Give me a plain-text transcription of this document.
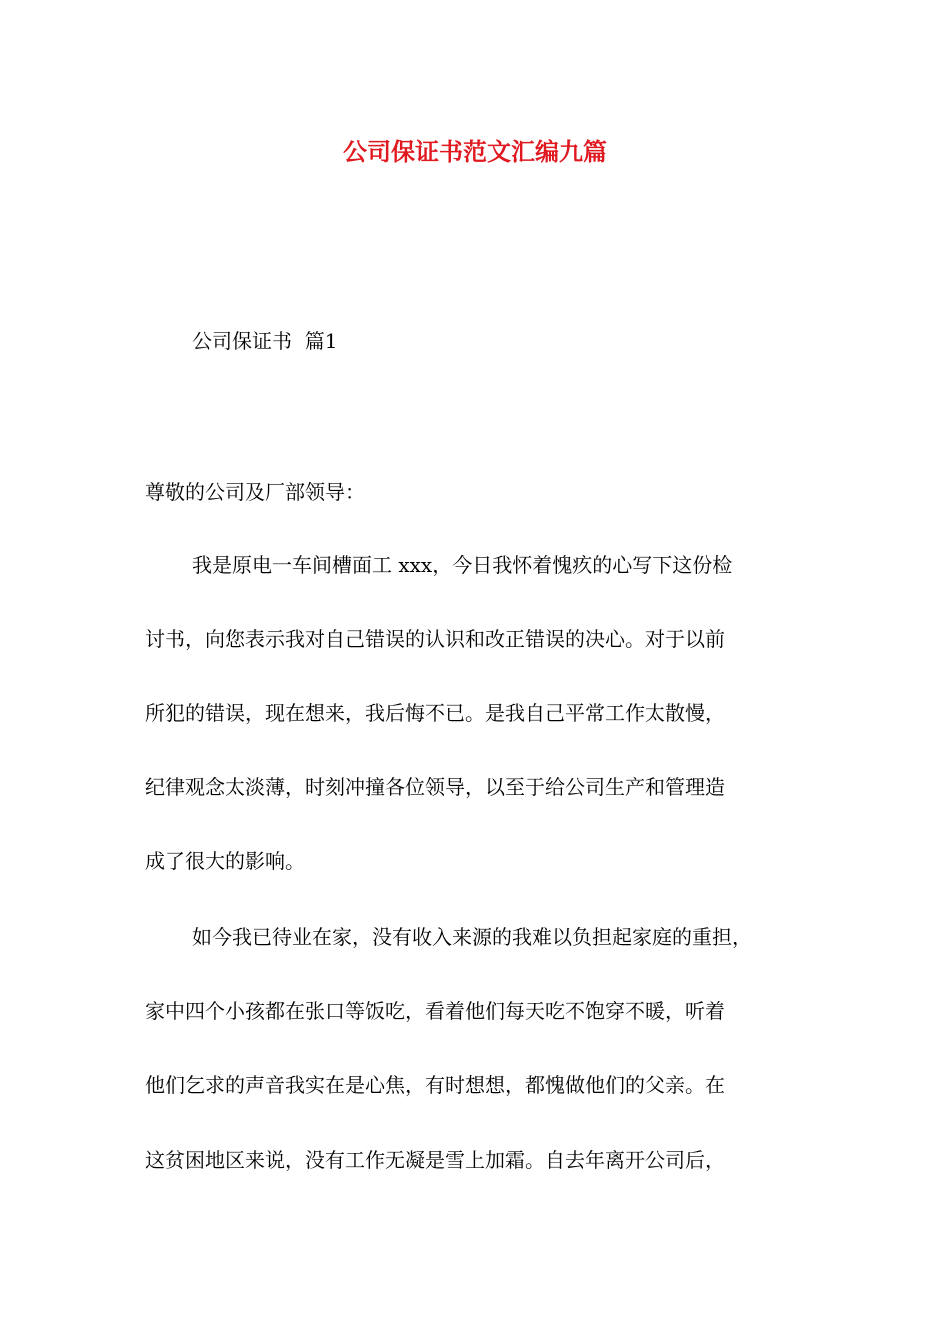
公司保证书范文汇编九篇

公司保证书  篇1

尊敬的公司及厂部领导：

我是原电一车间槽面工 xxx，今日我怀着愧疚的心写下这份检

讨书，向您表示我对自己错误的认识和改正错误的决心。对于以前

所犯的错误，现在想来，我后悔不已。是我自己平常工作太散慢，

纪律观念太淡薄，时刻冲撞各位领导，以至于给公司生产和管理造

成了很大的影响。

如今我已待业在家，没有收入来源的我难以负担起家庭的重担，

家中四个小孩都在张口等饭吃，看着他们每天吃不饱穿不暖，听着

他们乞求的声音我实在是心焦，有时想想，都愧做他们的父亲。在

这贫困地区来说，没有工作无凝是雪上加霜。自去年离开公司后，
